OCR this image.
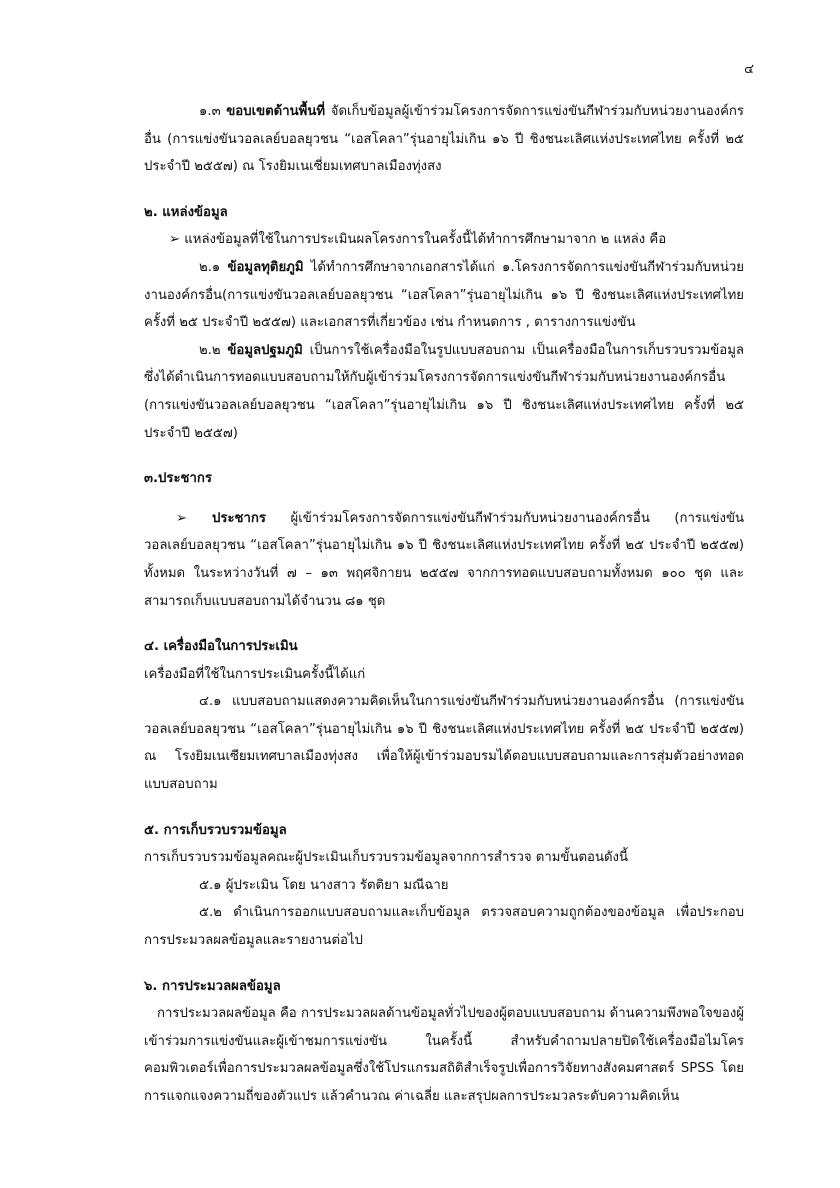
๔

๑.๓ ขอบเขตด้านพื้นที่ จัดเก็บข้อมูลผู้เข้าร่วมโครงการจัดการแข่งขันกีฬาร่วมกับหน่วยงานองค์กรอื่น (การแข่งขันวอลเลย์บอลยุวชน “เอสโคลา”รุ่นอายุไม่เกิน ๑๖ ปี ชิงชนะเลิศแห่งประเทศไทย ครั้งที่ ๒๕ ประจำปี ๒๕๕๗) ณ โรงยิมเนเซี่ยมเทศบาลเมืองทุ่งสง

๒. แหล่งข้อมูล

➢ แหล่งข้อมูลที่ใช้ในการประเมินผลโครงการในครั้งนี้ได้ทำการศึกษามาจาก ๒ แหล่ง คือ

๒.๑ ข้อมูลทุติยภูมิ ได้ทำการศึกษาจากเอกสารได้แก่ ๑.โครงการจัดการแข่งขันกีฬาร่วมกับหน่วยงานองค์กรอื่น(การแข่งขันวอลเลย์บอลยุวชน “เอสโคลา”รุ่นอายุไม่เกิน ๑๖ ปี ชิงชนะเลิศแห่งประเทศไทย ครั้งที่ ๒๕ ประจำปี ๒๕๕๗) และเอกสารที่เกี่ยวข้อง เช่น กำหนดการ , ตารางการแข่งขัน

๒.๒ ข้อมูลปฐมภูมิ เป็นการใช้เครื่องมือในรูปแบบสอบถาม เป็นเครื่องมือในการเก็บรวบรวมข้อมูล ซึ่งได้ดำเนินการทอดแบบสอบถามให้กับผู้เข้าร่วมโครงการจัดการแข่งขันกีฬาร่วมกับหน่วยงานองค์กรอื่น (การแข่งขันวอลเลย์บอลยุวชน “เอสโคลา”รุ่นอายุไม่เกิน ๑๖ ปี ชิงชนะเลิศแห่งประเทศไทย ครั้งที่ ๒๕ ประจำปี ๒๕๕๗)

๓.ประชากร

➢ ประชากร ผู้เข้าร่วมโครงการจัดการแข่งขันกีฬาร่วมกับหน่วยงานองค์กรอื่น (การแข่งขันวอลเลย์บอลยุวชน “เอสโคลา”รุ่นอายุไม่เกิน ๑๖ ปี ชิงชนะเลิศแห่งประเทศไทย ครั้งที่ ๒๕ ประจำปี ๒๕๕๗) ทั้งหมด ในระหว่างวันที่ ๗ – ๑๓ พฤศจิกายน ๒๕๕๗ จากการทอดแบบสอบถามทั้งหมด ๑๐๐ ชุด และสามารถเก็บแบบสอบถามได้จำนวน ๘๑ ชุด

๔. เครื่องมือในการประเมิน

เครื่องมือที่ใช้ในการประเมินครั้งนี้ได้แก่

๔.๑ แบบสอบถามแสดงความคิดเห็นในการแข่งขันกีฬาร่วมกับหน่วยงานองค์กรอื่น (การแข่งขันวอลเลย์บอลยุวชน “เอสโคลา”รุ่นอายุไม่เกิน ๑๖ ปี ชิงชนะเลิศแห่งประเทศไทย ครั้งที่ ๒๕ ประจำปี ๒๕๕๗) ณ โรงยิมเนเซียมเทศบาลเมืองทุ่งสง เพื่อให้ผู้เข้าร่วมอบรมได้ตอบแบบสอบถามและการสุ่มตัวอย่างทอดแบบสอบถาม

๕. การเก็บรวบรวมข้อมูล

การเก็บรวบรวมข้อมูลคณะผู้ประเมินเก็บรวบรวมข้อมูลจากการสำรวจ ตามขั้นตอนดังนี้

๕.๑ ผู้ประเมิน โดย นางสาว รัตติยา มณีฉาย

๕.๒ ดำเนินการออกแบบสอบถามและเก็บข้อมูล ตรวจสอบความถูกต้องของข้อมูล เพื่อประกอบ การประมวลผลข้อมูลและรายงานต่อไป

๖. การประมวลผลข้อมูล

การประมวลผลข้อมูล คือ การประมวลผลด้านข้อมูลทั่วไปของผู้ตอบแบบสอบถาม ด้านความพึงพอใจของผู้เข้าร่วมการแข่งขันและผู้เข้าชมการแข่งขัน ในครั้งนี้ สำหรับคำถามปลายปิดใช้เครื่องมือไมโครคอมพิวเตอร์เพื่อการประมวลผลข้อมูลซึ่งใช้โปรแกรมสถิติสำเร็จรูปเพื่อการวิจัยทางสังคมศาสตร์ SPSS โดยการแจกแจงความถี่ของตัวแปร แล้วคำนวณ ค่าเฉลี่ย และสรุปผลการประมวลระดับความคิดเห็น
